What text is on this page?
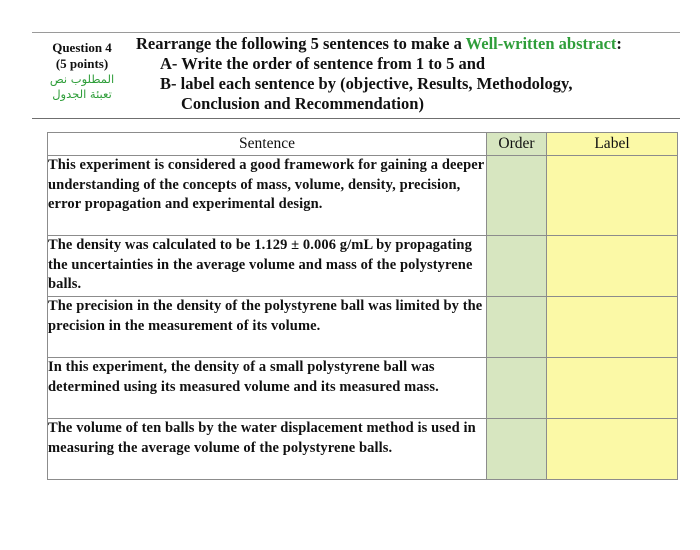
Question 4
(5 points)
المطلوب نص
تعبئة الجدول
Rearrange the following 5 sentences to make a Well-written abstract:
A- Write the order of sentence from 1 to 5 and
B- label each sentence by (objective, Results, Methodology,
Conclusion and Recommendation)
Sentence	Order	Label
This experiment is considered a good framework for gaining a deeper understanding of the concepts of mass, volume, density, precision, error propagation and experimental design.		
The density was calculated to be 1.129 ± 0.006 g/mL by propagating the uncertainties in the average volume and mass of the polystyrene balls.		
The precision in the density of the polystyrene ball was limited by the precision in the measurement of its volume.		
In this experiment, the density of a small polystyrene ball was determined using its measured volume and its measured mass.		
The volume of ten balls by the water displacement method is used in measuring the average volume of the polystyrene balls.		
